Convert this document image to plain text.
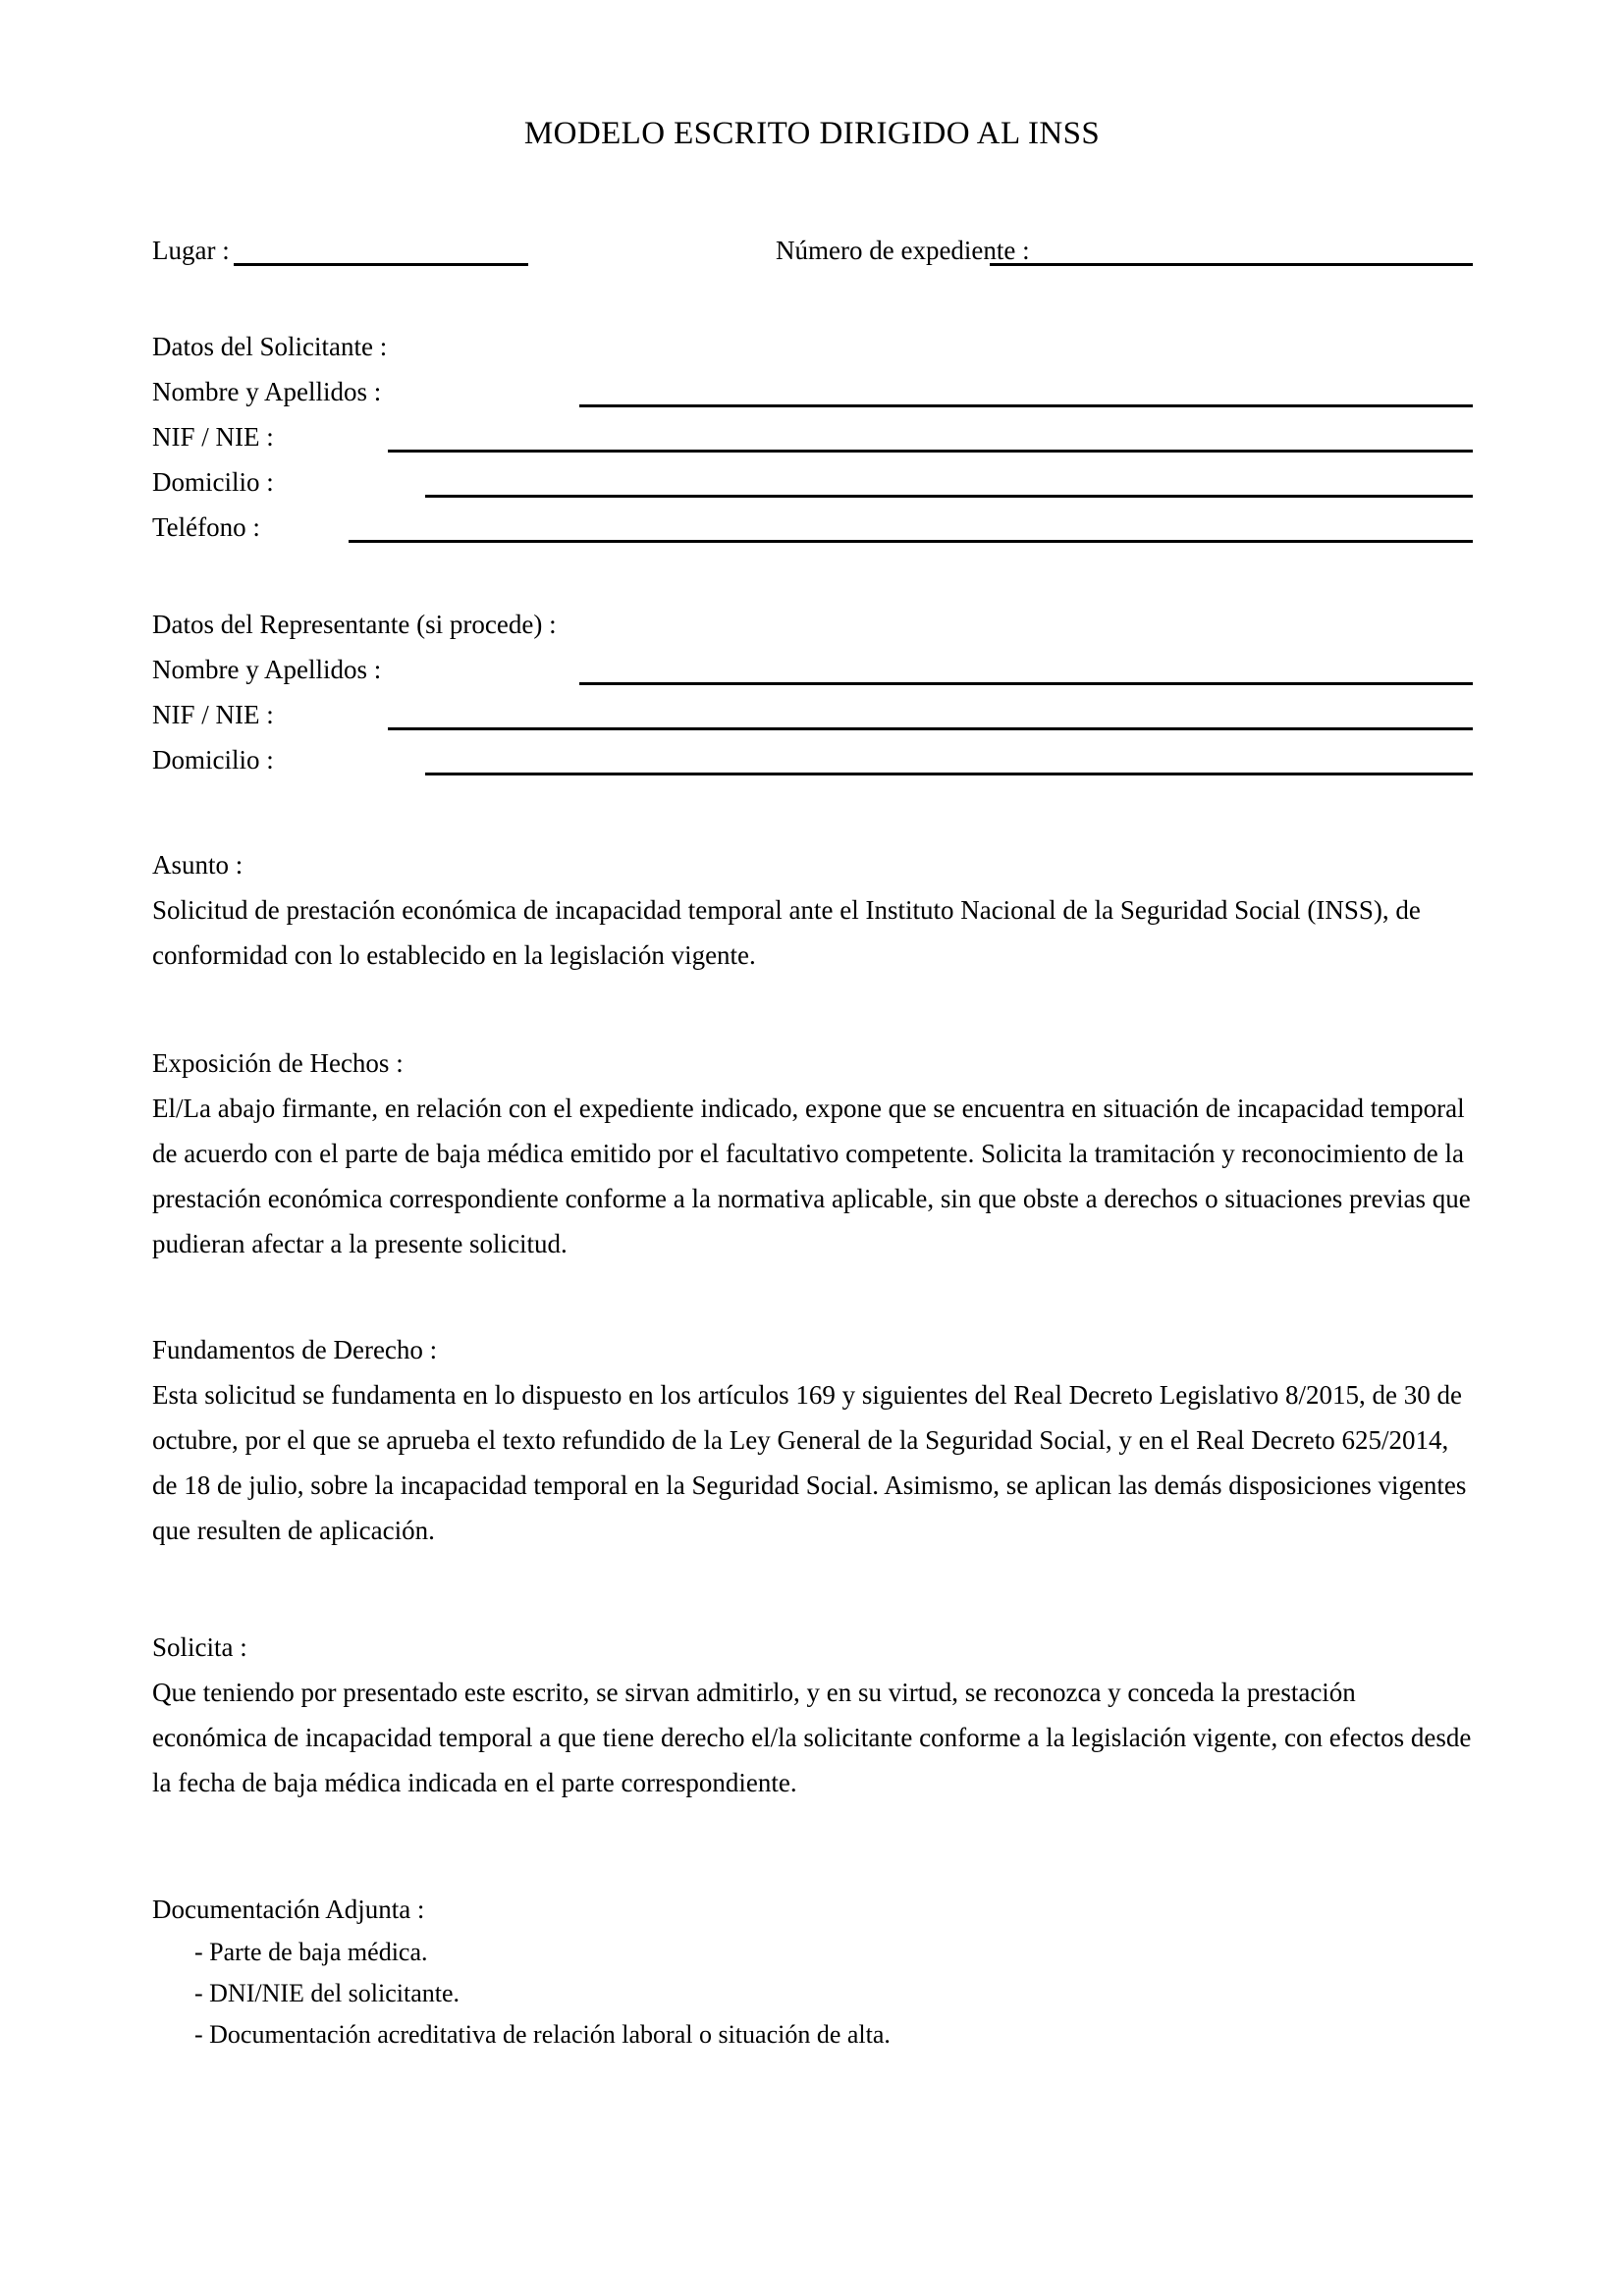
MODELO ESCRITO DIRIGIDO AL INSS
Lugar :	Número de expediente :
Datos del Solicitante :
Nombre y Apellidos :
NIF / NIE :
Domicilio :
Teléfono :
Datos del Representante (si procede) :
Nombre y Apellidos :
NIF / NIE :
Domicilio :
Asunto :
Solicitud de prestación económica de incapacidad temporal ante el Instituto Nacional de la Seguridad Social (INSS), de conformidad con lo establecido en la legislación vigente.
Exposición de Hechos :
El/La abajo firmante, en relación con el expediente indicado, expone que se encuentra en situación de incapacidad temporal de acuerdo con el parte de baja médica emitido por el facultativo competente. Solicita la tramitación y reconocimiento de la prestación económica correspondiente conforme a la normativa aplicable, sin que obste a derechos o situaciones previas que pudieran afectar a la presente solicitud.
Fundamentos de Derecho :
Esta solicitud se fundamenta en lo dispuesto en los artículos 169 y siguientes del Real Decreto Legislativo 8/2015, de 30 de octubre, por el que se aprueba el texto refundido de la Ley General de la Seguridad Social, y en el Real Decreto 625/2014, de 18 de julio, sobre la incapacidad temporal en la Seguridad Social. Asimismo, se aplican las demás disposiciones vigentes que resulten de aplicación.
Solicita :
Que teniendo por presentado este escrito, se sirvan admitirlo, y en su virtud, se reconozca y conceda la prestación económica de incapacidad temporal a que tiene derecho el/la solicitante conforme a la legislación vigente, con efectos desde la fecha de baja médica indicada en el parte correspondiente.
Documentación Adjunta :
- Parte de baja médica.
- DNI/NIE del solicitante.
- Documentación acreditativa de relación laboral o situación de alta.
